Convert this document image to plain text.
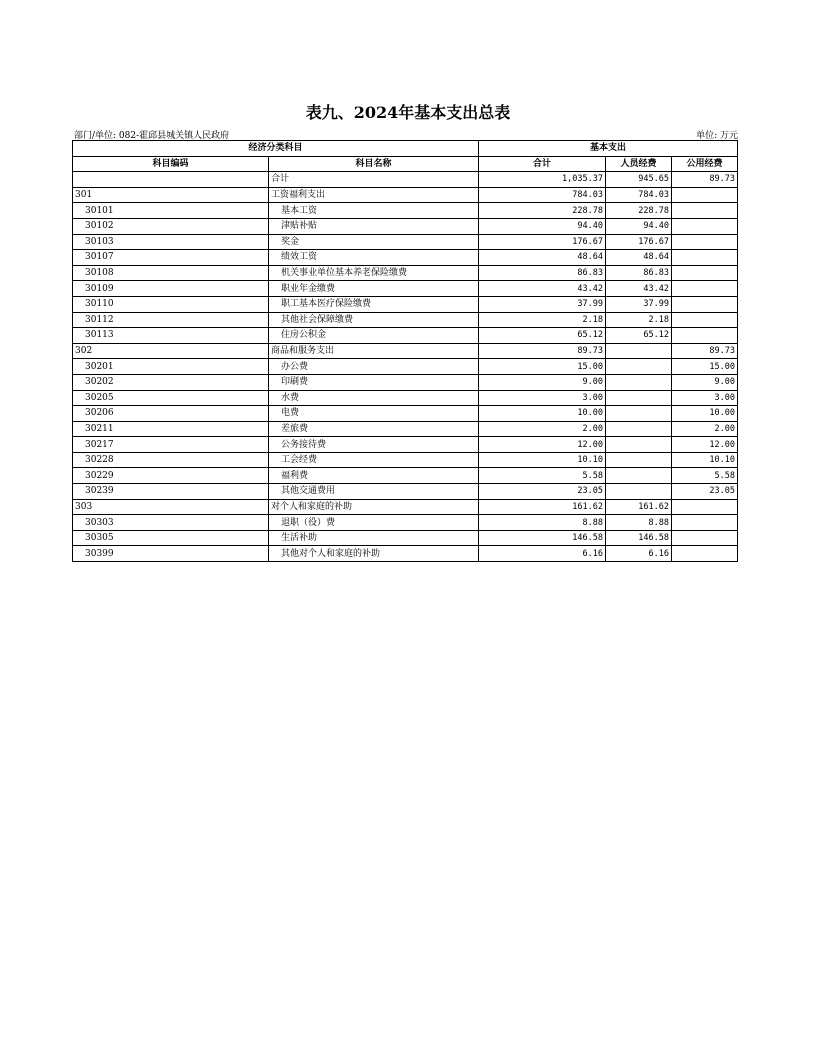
表九、2024年基本支出总表
部门/单位: 082-霍邱县城关镇人民政府	单位: 万元
经济分类科目		基本支出		
科目编码	科目名称	合计	人员经费	公用经费
	合计	1,035.37	945.65	89.73
301	工资福利支出	784.03	784.03	
30101	基本工资	228.78	228.78	
30102	津贴补贴	94.40	94.40	
30103	奖金	176.67	176.67	
30107	绩效工资	48.64	48.64	
30108	机关事业单位基本养老保险缴费	86.83	86.83	
30109	职业年金缴费	43.42	43.42	
30110	职工基本医疗保险缴费	37.99	37.99	
30112	其他社会保障缴费	2.18	2.18	
30113	住房公积金	65.12	65.12	
302	商品和服务支出	89.73		89.73
30201	办公费	15.00		15.00
30202	印刷费	9.00		9.00
30205	水费	3.00		3.00
30206	电费	10.00		10.00
30211	差旅费	2.00		2.00
30217	公务接待费	12.00		12.00
30228	工会经费	10.10		10.10
30229	福利费	5.58		5.58
30239	其他交通费用	23.05		23.05
303	对个人和家庭的补助	161.62	161.62	
30303	退职（役）费	8.88	8.88	
30305	生活补助	146.58	146.58	
30399	其他对个人和家庭的补助	6.16	6.16	
